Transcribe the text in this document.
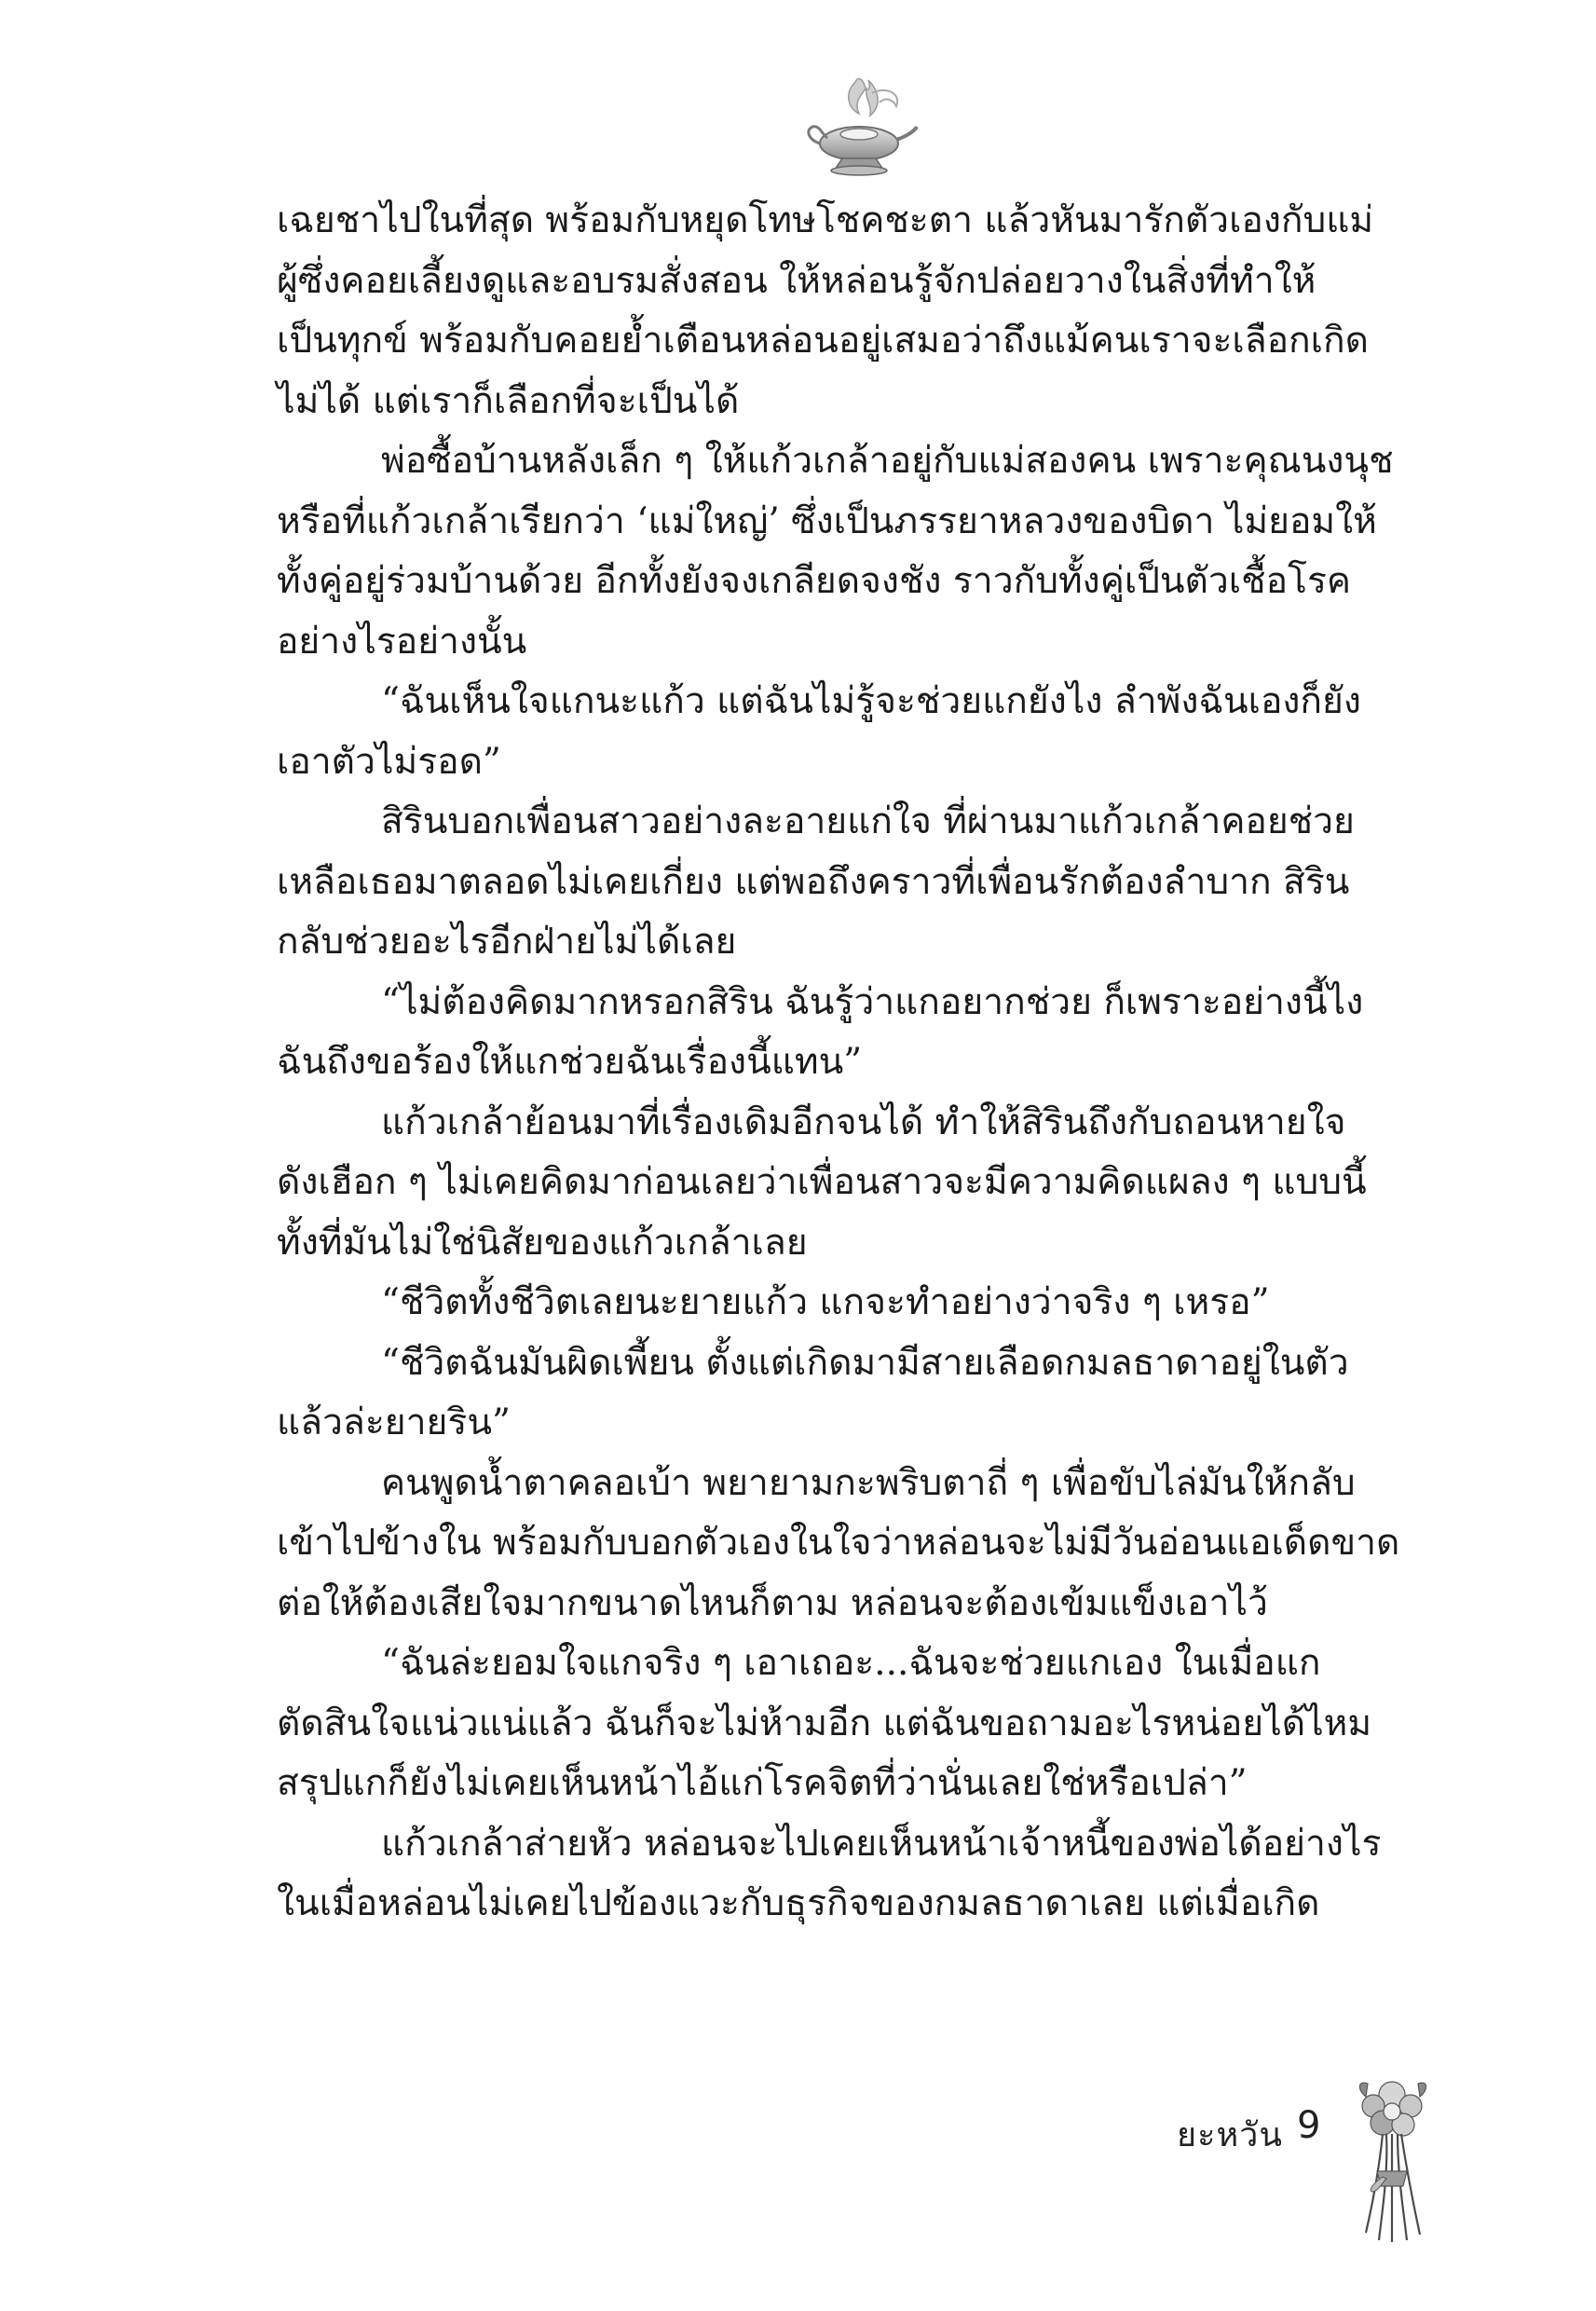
เฉยชาไปในที่สุด พร้อมกับหยุดโทษโชคชะตา แล้วหันมารักตัวเองกับแม่
ผู้ซึ่งคอยเลี้ยงดูและอบรมสั่งสอน ให้หล่อนรู้จักปล่อยวางในสิ่งที่ทำให้
เป็นทุกข์ พร้อมกับคอยย้ำเตือนหล่อนอยู่เสมอว่าถึงแม้คนเราจะเลือกเกิด
ไม่ได้ แต่เราก็เลือกที่จะเป็นได้
พ่อซื้อบ้านหลังเล็ก ๆ ให้แก้วเกล้าอยู่กับแม่สองคน เพราะคุณนงนุช
หรือที่แก้วเกล้าเรียกว่า ‘แม่ใหญ่’ ซึ่งเป็นภรรยาหลวงของบิดา ไม่ยอมให้
ทั้งคู่อยู่ร่วมบ้านด้วย อีกทั้งยังจงเกลียดจงชัง ราวกับทั้งคู่เป็นตัวเชื้อโรค
อย่างไรอย่างนั้น
“ฉันเห็นใจแกนะแก้ว แต่ฉันไม่รู้จะช่วยแกยังไง ลำพังฉันเองก็ยัง
เอาตัวไม่รอด”
สิรินบอกเพื่อนสาวอย่างละอายแก่ใจ ที่ผ่านมาแก้วเกล้าคอยช่วย
เหลือเธอมาตลอดไม่เคยเกี่ยง แต่พอถึงคราวที่เพื่อนรักต้องลำบาก สิริน
กลับช่วยอะไรอีกฝ่ายไม่ได้เลย
“ไม่ต้องคิดมากหรอกสิริน ฉันรู้ว่าแกอยากช่วย ก็เพราะอย่างนี้ไง
ฉันถึงขอร้องให้แกช่วยฉันเรื่องนี้แทน”
แก้วเกล้าย้อนมาที่เรื่องเดิมอีกจนได้ ทำให้สิรินถึงกับถอนหายใจ
ดังเฮือก ๆ ไม่เคยคิดมาก่อนเลยว่าเพื่อนสาวจะมีความคิดแผลง ๆ แบบนี้
ทั้งที่มันไม่ใช่นิสัยของแก้วเกล้าเลย
“ชีวิตทั้งชีวิตเลยนะยายแก้ว แกจะทำอย่างว่าจริง ๆ เหรอ”
“ชีวิตฉันมันผิดเพี้ยน ตั้งแต่เกิดมามีสายเลือดกมลธาดาอยู่ในตัว
แล้วล่ะยายริน”
คนพูดน้ำตาคลอเบ้า พยายามกะพริบตาถี่ ๆ เพื่อขับไล่มันให้กลับ
เข้าไปข้างใน พร้อมกับบอกตัวเองในใจว่าหล่อนจะไม่มีวันอ่อนแอเด็ดขาด
ต่อให้ต้องเสียใจมากขนาดไหนก็ตาม หล่อนจะต้องเข้มแข็งเอาไว้
“ฉันล่ะยอมใจแกจริง ๆ เอาเถอะ...ฉันจะช่วยแกเอง ในเมื่อแก
ตัดสินใจแน่วแน่แล้ว ฉันก็จะไม่ห้ามอีก แต่ฉันขอถามอะไรหน่อยได้ไหม
สรุปแกก็ยังไม่เคยเห็นหน้าไอ้แก่โรคจิตที่ว่านั่นเลยใช่หรือเปล่า”
แก้วเกล้าส่ายหัว หล่อนจะไปเคยเห็นหน้าเจ้าหนี้ของพ่อได้อย่างไร
ในเมื่อหล่อนไม่เคยไปข้องแวะกับธุรกิจของกมลธาดาเลย แต่เมื่อเกิด
ยะหวัน 9
